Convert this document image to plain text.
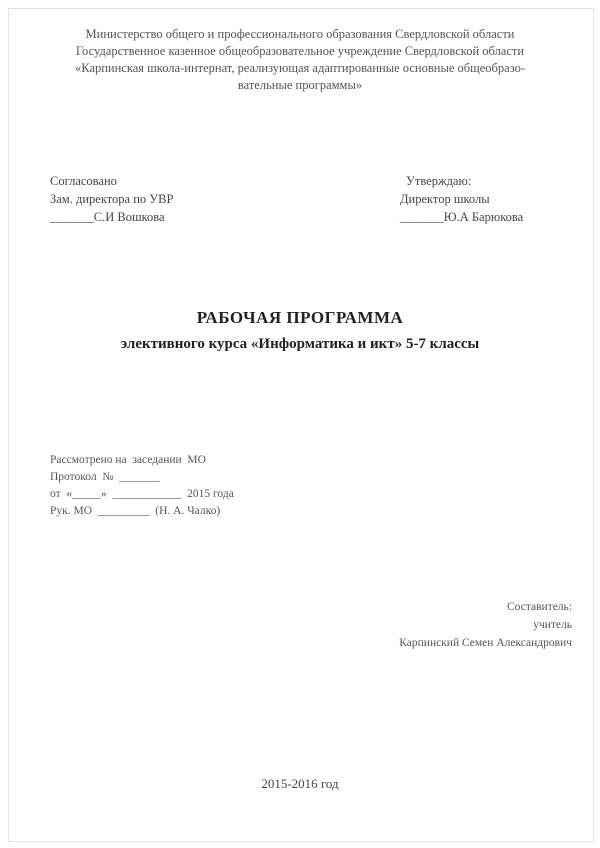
Министерство общего и профессионального образования Свердловской области
Государственное казенное общеобразовательное учреждение Свердловской области
«Карпинская школа-интернат, реализующая адаптированные основные общеобразо-
вательные программы»
Согласовано
Зам. директора по УВР
_______С.И Вошкова
Утверждаю:
Директор школы
_______Ю.А Барюкова
РАБОЧАЯ ПРОГРАММА
элективного курса «Информатика и икт» 5-7 классы
Рассмотрено на  заседании  МО
Протокол  №  _______
от  «_____»  ____________  2015 года
Рук. МО  _________  (Н. А. Чалко)
Составитель:
учитель
Карпинский Семен Александрович
2015-2016 год
